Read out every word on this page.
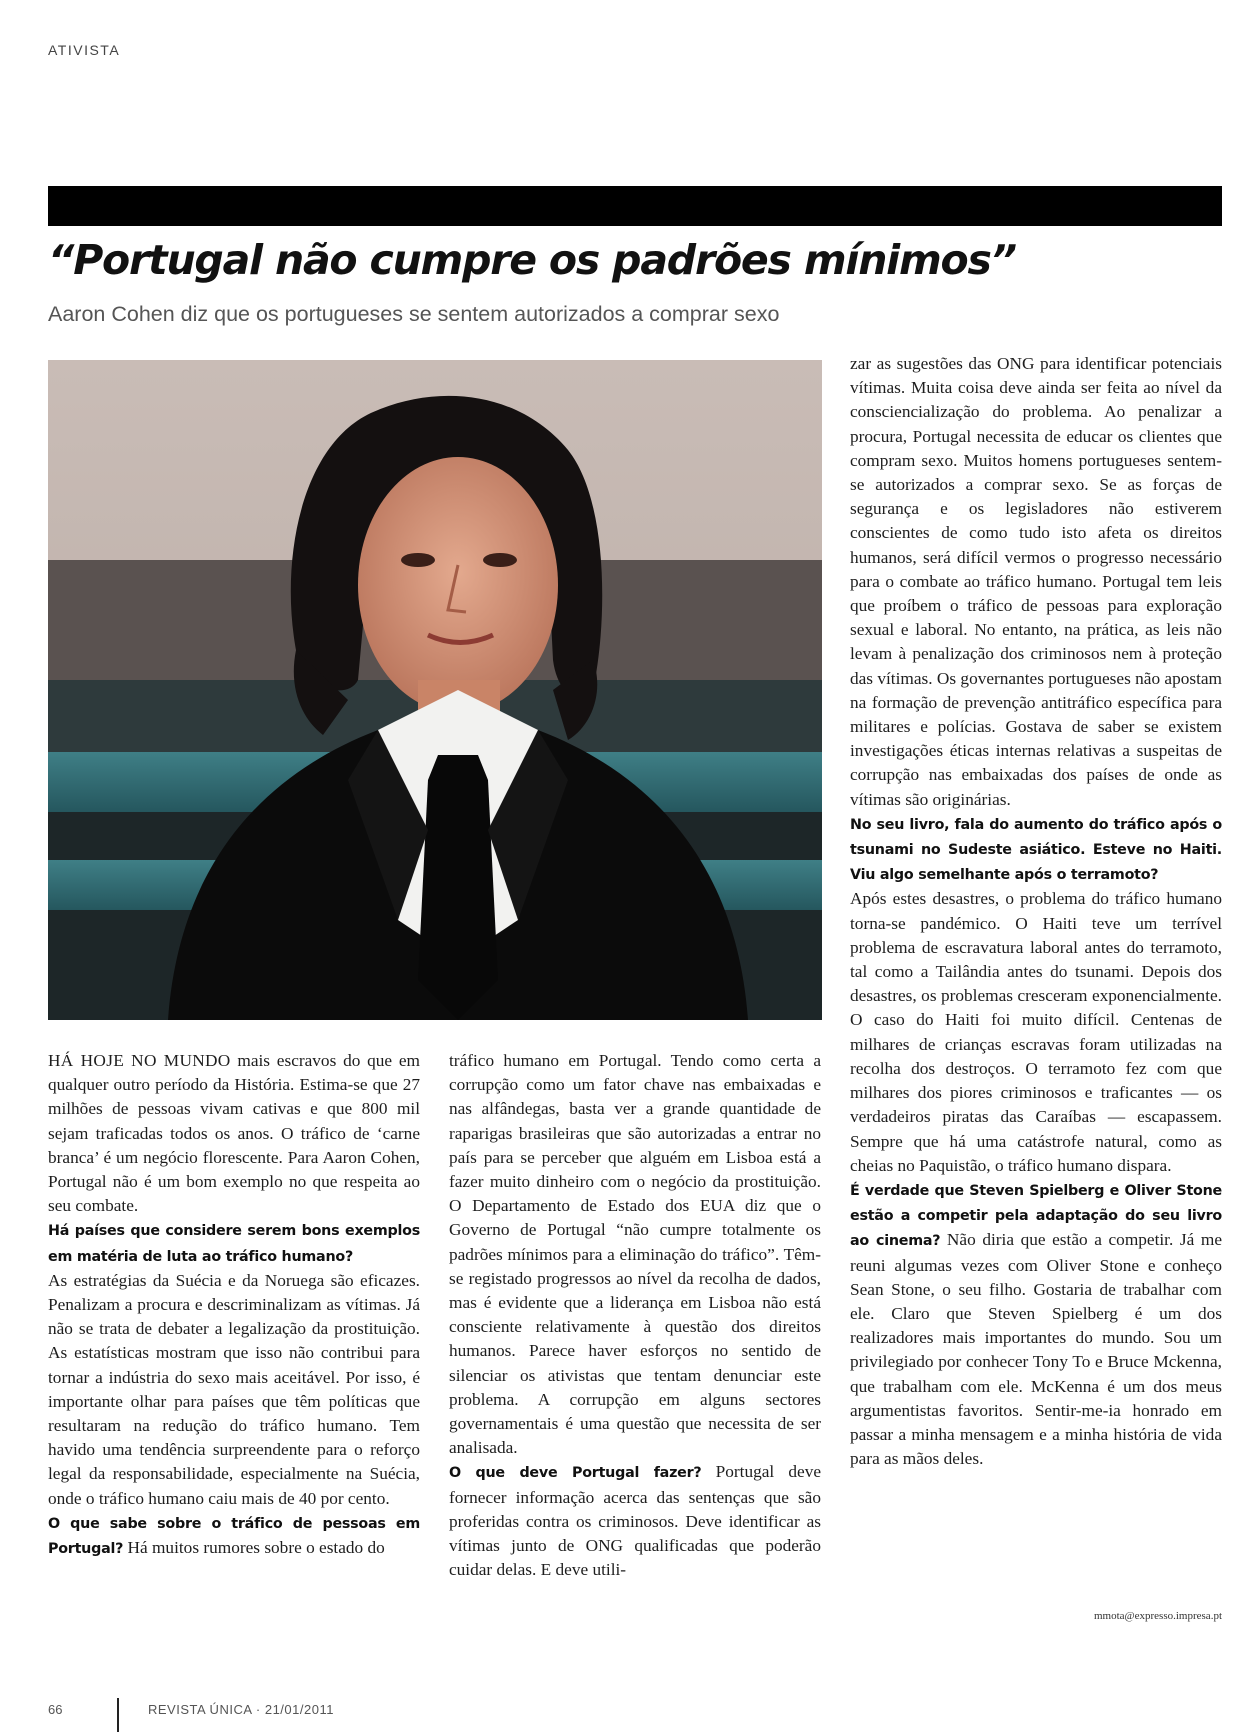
ATIVISTA
“Portugal não cumpre os padrões mínimos”

Aaron Cohen diz que os portugueses se sentem autorizados a comprar sexo

HÁ HOJE NO MUNDO mais escravos do que em qualquer outro período da História. Estima-se que 27 milhões de pessoas vivam cativas e que 800 mil sejam traficadas todos os anos. O tráfico de ‘carne branca’ é um negócio florescente. Para Aaron Cohen, Portugal não é um bom exemplo no que respeita ao seu combate.

Há países que considere serem bons exemplos em matéria de luta ao tráfico humano?

As estratégias da Suécia e da Noruega são eficazes. Penalizam a procura e descriminalizam as vítimas. Já não se trata de debater a legalização da prostituição. As estatísticas mostram que isso não contribui para tornar a indústria do sexo mais aceitável. Por isso, é importante olhar para países que têm políticas que resultaram na redução do tráfico humano. Tem havido uma tendência surpreendente para o reforço legal da responsabilidade, especialmente na Suécia, onde o tráfico humano caiu mais de 40 por cento.

O que sabe sobre o tráfico de pessoas em Portugal? Há muitos rumores sobre o estado do

tráfico humano em Portugal. Tendo como certa a corrupção como um fator chave nas embaixadas e nas alfândegas, basta ver a grande quantidade de raparigas brasileiras que são autorizadas a entrar no país para se perceber que alguém em Lisboa está a fazer muito dinheiro com o negócio da prostituição. O Departamento de Estado dos EUA diz que o Governo de Portugal “não cumpre totalmente os padrões mínimos para a eliminação do tráfico”. Têm-se registado progressos ao nível da recolha de dados, mas é evidente que a liderança em Lisboa não está consciente relativamente à questão dos direitos humanos. Parece haver esforços no sentido de silenciar os ativistas que tentam denunciar este problema. A corrupção em alguns sectores governamentais é uma questão que necessita de ser analisada.

O que deve Portugal fazer? Portugal deve fornecer informação acerca das sentenças que são proferidas contra os criminosos. Deve identificar as vítimas junto de ONG qualificadas que poderão cuidar delas. E deve utili-

zar as sugestões das ONG para identificar potenciais vítimas. Muita coisa deve ainda ser feita ao nível da consciencialização do problema. Ao penalizar a procura, Portugal necessita de educar os clientes que compram sexo. Muitos homens portugueses sentem-se autorizados a comprar sexo. Se as forças de segurança e os legisladores não estiverem conscientes de como tudo isto afeta os direitos humanos, será difícil vermos o progresso necessário para o combate ao tráfico humano. Portugal tem leis que proíbem o tráfico de pessoas para exploração sexual e laboral. No entanto, na prática, as leis não levam à penalização dos criminosos nem à proteção das vítimas. Os governantes portugueses não apostam na formação de prevenção antitráfico específica para militares e polícias. Gostava de saber se existem investigações éticas internas relativas a suspeitas de corrupção nas embaixadas dos países de onde as vítimas são originárias.

No seu livro, fala do aumento do tráfico após o tsunami no Sudeste asiático. Esteve no Haiti. Viu algo semelhante após o terramoto?

Após estes desastres, o problema do tráfico humano torna-se pandémico. O Haiti teve um terrível problema de escravatura laboral antes do terramoto, tal como a Tailândia antes do tsunami. Depois dos desastres, os problemas cresceram exponencialmente. O caso do Haiti foi muito difícil. Centenas de milhares de crianças escravas foram utilizadas na recolha dos destroços. O terramoto fez com que milhares dos piores criminosos e traficantes — os verdadeiros piratas das Caraíbas — escapassem. Sempre que há uma catástrofe natural, como as cheias no Paquistão, o tráfico humano dispara.

É verdade que Steven Spielberg e Oliver Stone estão a competir pela adaptação do seu livro ao cinema? Não diria que estão a competir. Já me reuni algumas vezes com Oliver Stone e conheço Sean Stone, o seu filho. Gostaria de trabalhar com ele. Claro que Steven Spielberg é um dos realizadores mais importantes do mundo. Sou um privilegiado por conhecer Tony To e Bruce Mckenna, que trabalham com ele. McKenna é um dos meus argumentistas favoritos. Sentir-me-ia honrado em passar a minha mensagem e a minha história de vida para as mãos deles.

mmota@expresso.impresa.pt
66	REVISTA ÚNICA · 21/01/2011
